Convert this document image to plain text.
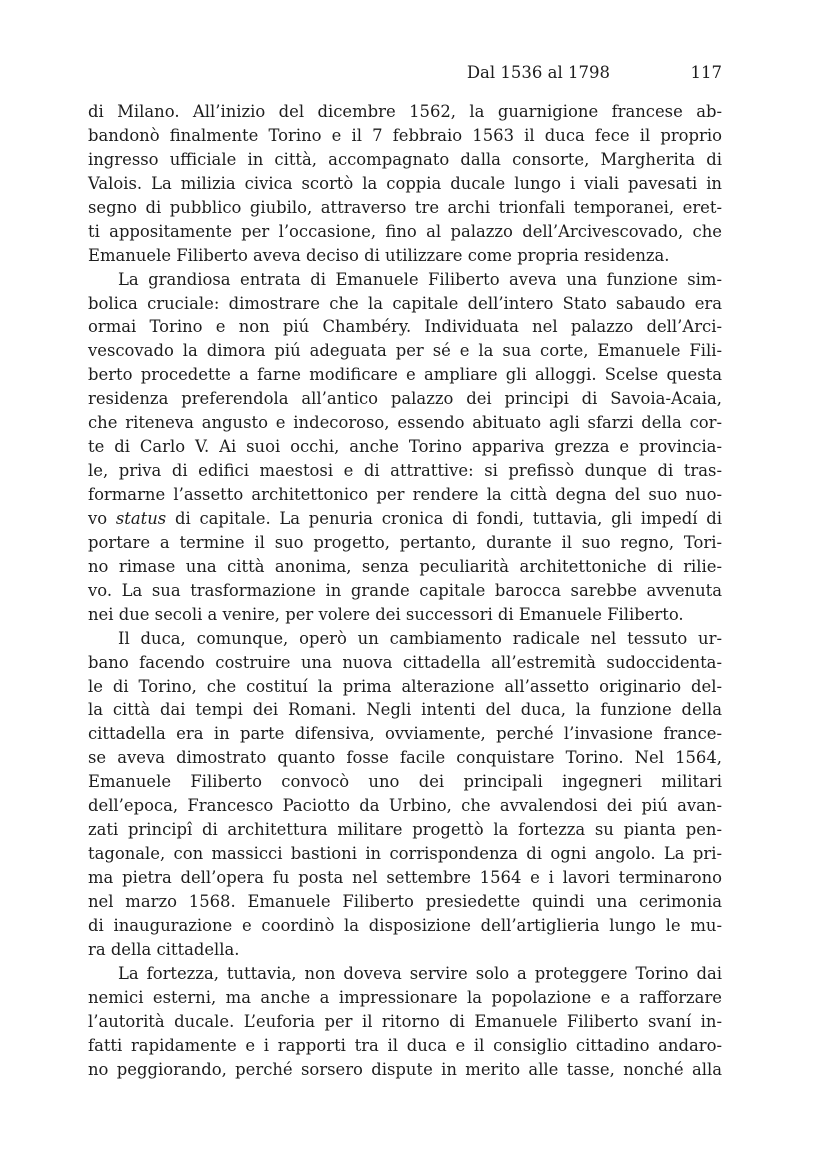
Dal 1536 al 1798	117
di Milano. All’inizio del dicembre 1562, la guarnigione francese ab-
bandonò finalmente Torino e il 7 febbraio 1563 il duca fece il proprio
ingresso ufficiale in città, accompagnato dalla consorte, Margherita di
Valois. La milizia civica scortò la coppia ducale lungo i viali pavesati in
segno di pubblico giubilo, attraverso tre archi trionfali temporanei, eret-
ti appositamente per l’occasione, fino al palazzo dell’Arcivescovado, che
Emanuele Filiberto aveva deciso di utilizzare come propria residenza.
La grandiosa entrata di Emanuele Filiberto aveva una funzione sim-
bolica cruciale: dimostrare che la capitale dell’intero Stato sabaudo era
ormai Torino e non piú Chambéry. Individuata nel palazzo dell’Arci-
vescovado la dimora piú adeguata per sé e la sua corte, Emanuele Fili-
berto procedette a farne modificare e ampliare gli alloggi. Scelse questa
residenza preferendola all’antico palazzo dei principi di Savoia-Acaia,
che riteneva angusto e indecoroso, essendo abituato agli sfarzi della cor-
te di Carlo V. Ai suoi occhi, anche Torino appariva grezza e provincia-
le, priva di edifici maestosi e di attrattive: si prefissò dunque di tras-
formarne l’assetto architettonico per rendere la città degna del suo nuo-
vo status di capitale. La penuria cronica di fondi, tuttavia, gli impedí di
portare a termine il suo progetto, pertanto, durante il suo regno, Tori-
no rimase una città anonima, senza peculiarità architettoniche di rilie-
vo. La sua trasformazione in grande capitale barocca sarebbe avvenuta
nei due secoli a venire, per volere dei successori di Emanuele Filiberto.
Il duca, comunque, operò un cambiamento radicale nel tessuto ur-
bano facendo costruire una nuova cittadella all’estremità sudoccidenta-
le di Torino, che costituí la prima alterazione all’assetto originario del-
la città dai tempi dei Romani. Negli intenti del duca, la funzione della
cittadella era in parte difensiva, ovviamente, perché l’invasione france-
se aveva dimostrato quanto fosse facile conquistare Torino. Nel 1564,
Emanuele Filiberto convocò uno dei principali ingegneri militari
dell’epoca, Francesco Paciotto da Urbino, che avvalendosi dei piú avan-
zati principî di architettura militare progettò la fortezza su pianta pen-
tagonale, con massicci bastioni in corrispondenza di ogni angolo. La pri-
ma pietra dell’opera fu posta nel settembre 1564 e i lavori terminarono
nel marzo 1568. Emanuele Filiberto presiedette quindi una cerimonia
di inaugurazione e coordinò la disposizione dell’artiglieria lungo le mu-
ra della cittadella.
La fortezza, tuttavia, non doveva servire solo a proteggere Torino dai
nemici esterni, ma anche a impressionare la popolazione e a rafforzare
l’autorità ducale. L’euforia per il ritorno di Emanuele Filiberto svaní in-
fatti rapidamente e i rapporti tra il duca e il consiglio cittadino andaro-
no peggiorando, perché sorsero dispute in merito alle tasse, nonché alla
